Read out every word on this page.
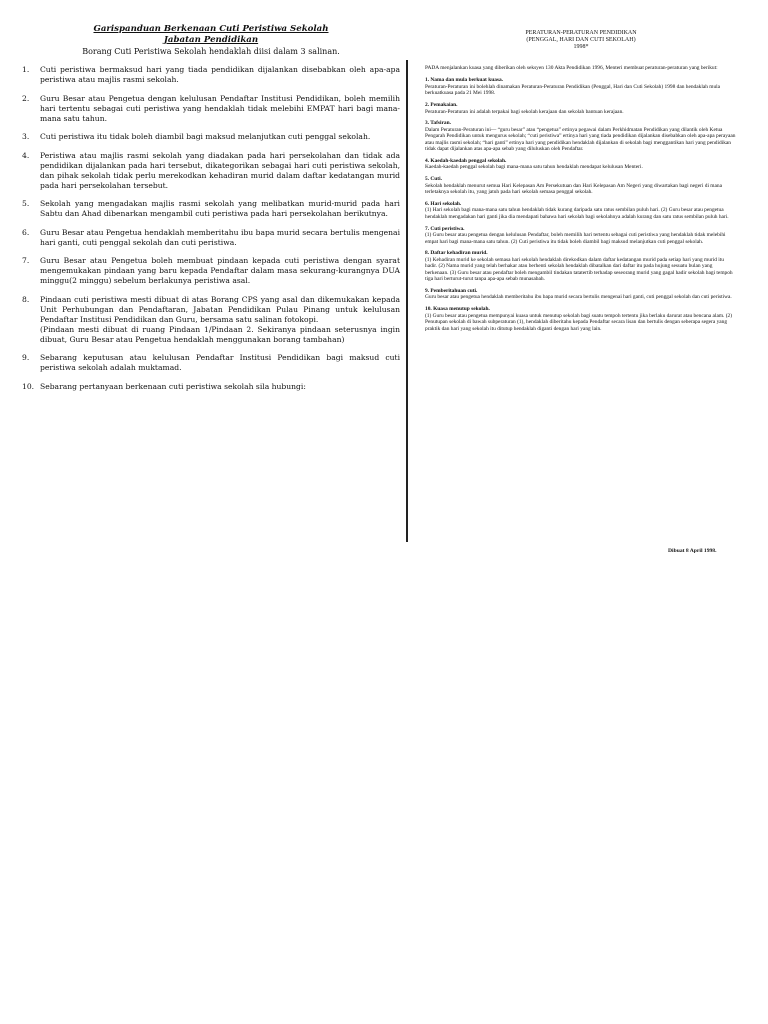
Garispanduan Berkenaan Cuti Peristiwa Sekolah
Jabatan Pendidikan
Borang Cuti Peristiwa Sekolah hendaklah diisi dalam 3 salinan.
1.	Cuti peristiwa bermaksud hari yang tiada pendidikan dijalankan disebabkan oleh apa-apa peristiwa atau majlis rasmi sekolah.
2.	Guru Besar atau Pengetua dengan kelulusan Pendaftar Institusi Pendidikan, boleh memilih hari tertentu sebagai cuti peristiwa yang hendaklah tidak melebihi EMPAT hari bagi mana-mana satu tahun.
3.	Cuti peristiwa itu tidak boleh diambil bagi maksud melanjutkan cuti penggal sekolah.
4.	Peristiwa atau majlis rasmi sekolah yang diadakan pada hari persekolahan dan tidak ada pendidikan dijalankan pada hari tersebut, dikategorikan sebagai hari cuti peristiwa sekolah, dan pihak sekolah tidak perlu merekodkan kehadiran murid dalam daftar kedatangan murid pada hari persekolahan tersebut.
5.	Sekolah yang mengadakan majlis rasmi sekolah yang melibatkan murid-murid pada hari Sabtu dan Ahad dibenarkan mengambil cuti peristiwa pada hari persekolahan berikutnya.
6.	Guru Besar atau Pengetua hendaklah memberitahu ibu bapa murid secara bertulis mengenai hari ganti, cuti penggal sekolah dan cuti peristiwa.
7.	Guru Besar atau Pengetua boleh membuat pindaan kepada cuti peristiwa dengan syarat mengemukakan pindaan yang baru kepada Pendaftar dalam masa sekurang-kurangnya DUA minggu(2 minggu) sebelum berlakunya peristiwa asal.
8.	Pindaan cuti peristiwa mesti dibuat di atas Borang CPS yang asal dan dikemukakan kepada Unit Perhubungan dan Pendaftaran, Jabatan Pendidikan Pulau Pinang untuk kelulusan Pendaftar Institusi Pendidikan dan Guru, bersama satu salinan fotokopi.
(Pindaan mesti dibuat di ruang Pindaan 1/Pindaan 2. Sekiranya pindaan seterusnya ingin dibuat, Guru Besar atau Pengetua hendaklah menggunakan borang tambahan)
9.	Sebarang keputusan atau kelulusan Pendaftar Institusi Pendidikan bagi maksud cuti peristiwa sekolah adalah muktamad.
10. Sebarang pertanyaan berkenaan cuti peristiwa sekolah sila hubungi:
PERATURAN-PERATURAN PENDIDIKAN
(PENGGAL, HARI DAN CUTI SEKOLAH)
1998*
PADA menjalankan kuasa yang diberikan oleh seksyen 130 Akta Pendidikan 1996, Menteri membuat peraturan-peraturan yang berikut:
1. Nama dan mula berkuat kuasa.

Peraturan-Peraturan ini bolehlah dinamakan Peraturan-Peraturan Pendidikan (Penggal, Hari dan Cuti Sekolah) 1998 dan hendaklah mula berkuatkuasa pada 21 Mei 1998.

2. Pemakaian.

Peraturan-Peraturan ini adalah terpakai bagi sekolah kerajaan dan sekolah bantuan kerajaan.

3. Tafsiran.

Dalam Peraturan-Peraturan ini— “guru besar” atau “pengetua” ertinya pegawai dalam Perkhidmatan Pendidikan yang dilantik oleh Ketua Pengarah Pendidikan untuk mengurus sekolah; “cuti peristiwa” ertinya hari yang tiada pendidikan dijalankan disebabkan oleh apa-apa perayaan atau majlis rasmi sekolah; “hari ganti” ertinya hari yang pendidikan hendaklah dijalankan di sekolah bagi menggantikan hari yang pendidikan tidak dapat dijalankan atas apa-apa sebab yang diluluskan oleh Pendaftar.

4. Kaedah-kaedah penggal sekolah.

Kaedah-kaedah penggal sekolah bagi mana-mana satu tahun hendaklah mendapat kelulusan Menteri.

5. Cuti.

Sekolah hendaklah menurut semua Hari Kelepasan Am Persekutuan dan Hari Kelepasan Am Negeri yang diwartakan bagi negeri di mana terletaknya sekolah itu, yang jatuh pada hari sekolah semasa penggal sekolah.

6. Hari sekolah.

(1) Hari sekolah bagi mana-mana satu tahun hendaklah tidak kurang daripada satu ratus sembilan puluh hari. (2) Guru besar atau pengetua hendaklah mengadakan hari ganti jika dia mendapati bahawa hari sekolah bagi sekolahnya adalah kurang dan satu ratus sembilan puluh hari.

7. Cuti peristiwa.

(1) Guru besar atau pengetua dengan kelulusan Pendaftar, boleh memilih hari tertentu sebagai cuti peristiwa yang hendaklah tidak melebihi empat hari bagi mana-mana satu tahun. (2) Cuti peristiwa itu tidak boleh diambil bagi maksud melanjutkan cuti penggal sekolah.

8. Daftar kehadiran murid.

(1) Kehadiran murid ke sekolah semasa hari sekolah hendaklah direkodkan dalam daftar kedatangan murid pada setiap hari yang murid itu hadir. (2) Nama murid yang telah berhakar atau berhenti sekolah hendaklah dibatalkan dari daftar itu pada hujung sesuatu bulan yang berkenaan. (3) Guru besar atau pendaftar boleh mengambil tindakan tatatertib terhadap seseorang murid yang gagal hadir sekolah bagi tempoh tiga hari berturut-turut tanpa apa-apa sebab munasabah.

9. Pemberitahuan cuti.

Guru besar atau pengetua hendaklah memberitahu ibu bapa murid secara bertulis mengenai hari ganti, cuti penggal sekolah dan cuti peristiwa.

10. Kuasa menutup sekolah.

(1) Guru besar atau pengetua mempunyai kuasa untuk menutup sekolah bagi suatu tempoh tertentu jika berlaku darurat atau bencana alam. (2) Penutupan sekolah di bawah subperaturan (1), hendaklah diberitahu kepada Pendaftar secara lisan dan bertulis dengan seberapa segera yang praktik dan hari yang sekolah itu ditutup hendaklah diganti dengan hari yang lain.

Dibuat 8 April 1998.
